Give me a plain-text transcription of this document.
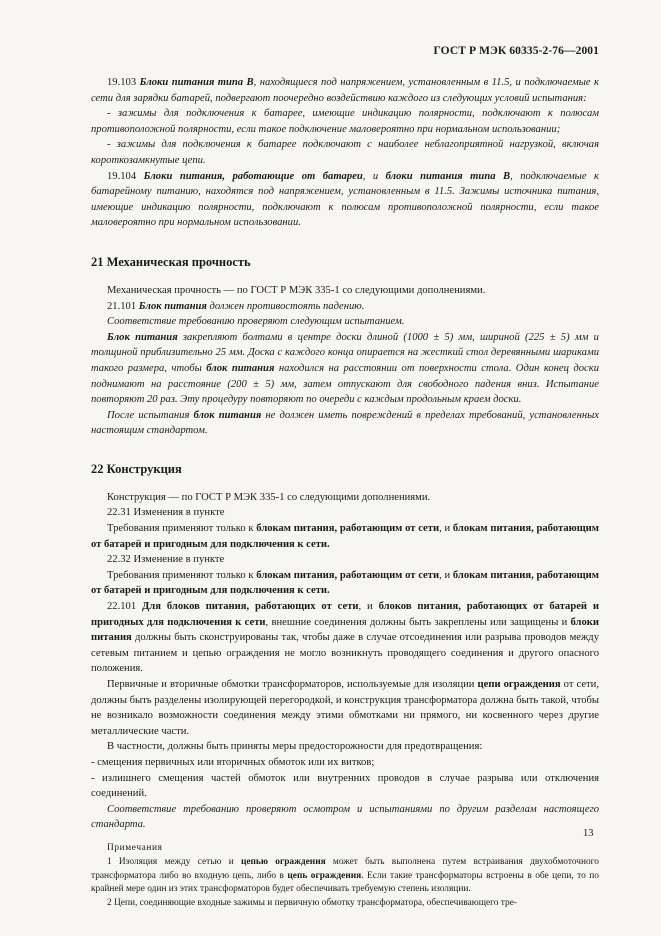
ГОСТ Р МЭК 60335-2-76—2001

19.103 Блоки питания типа В, находящиеся под напряжением, установленным в 11.5, и подключаемые к сети для зарядки батарей, подвергают поочередно воздействию каждого из следующих условий испытания:

- зажимы для подключения к батарее, имеющие индикацию полярности, подключают к полюсам противоположной полярности, если такое подключение маловероятно при нормальном использовании;

- зажимы для подключения к батарее подключают с наиболее неблагоприятной нагрузкой, включая короткозамкнутые цепи.

19.104 Блоки питания, работающие от батареи, и блоки питания типа В, подключаемые к батарейному питанию, находятся под напряжением, установленным в 11.5. Зажимы источника питания, имеющие индикацию полярности, подключают к полюсам противоположной полярности, если такое маловероятно при нормальном использовании.

21 Механическая прочность

Механическая прочность — по ГОСТ Р МЭК 335-1 со следующими дополнениями.

21.101 Блок питания должен противостоять падению.

Соответствие требованию проверяют следующим испытанием.

Блок питания закрепляют болтами в центре доски длиной (1000 ± 5) мм, шириной (225 ± 5) мм и толщиной приблизительно 25 мм. Доска с каждого конца опирается на жесткий стол деревянными шариками такого размера, чтобы блок питания находился на расстоянии от поверхности стола. Один конец доски поднимают на расстояние (200 ± 5) мм, затем отпускают для свободного падения вниз. Испытание повторяют 20 раз. Эту процедуру повторяют по очереди с каждым продольным краем доски.

После испытания блок питания не должен иметь повреждений в пределах требований, установленных настоящим стандартом.

22 Конструкция

Конструкция — по ГОСТ Р МЭК 335-1 со следующими дополнениями.

22.31 Изменения в пункте

Требования применяют только к блокам питания, работающим от сети, и блокам питания, работающим от батарей и пригодным для подключения к сети.

22.32 Изменение в пункте

Требования применяют только к блокам питания, работающим от сети, и блокам питания, работающим от батарей и пригодным для подключения к сети.

22.101 Для блоков питания, работающих от сети, и блоков питания, работающих от батарей и пригодных для подключения к сети, внешние соединения должны быть закреплены или защищены и блоки питания должны быть сконструированы так, чтобы даже в случае отсоединения или разрыва проводов между сетевым питанием и цепью ограждения не могло возникнуть проводящего соединения и другого опасного положения.

Первичные и вторичные обмотки трансформаторов, используемые для изоляции цепи ограждения от сети, должны быть разделены изолирующей перегородкой, и конструкция трансформатора должна быть такой, чтобы не возникало возможности соединения между этими обмотками ни прямого, ни косвенного через другие металлические части.

В частности, должны быть приняты меры предосторожности для предотвращения:

- смещения первичных или вторичных обмоток или их витков;

- излишнего смещения частей обмоток или внутренних проводов в случае разрыва или отключения соединений.

Соответствие требованию проверяют осмотром и испытаниями по другим разделам настоящего стандарта.

Примечания

1 Изоляция между сетью и цепью ограждения может быть выполнена путем встраивания двухобмоточного трансформатора либо во входную цепь, либо в цепь ограждения. Если такие трансформаторы встроены в обе цепи, то по крайней мере один из этих трансформаторов будет обеспечивать требуемую степень изоляции.

2 Цепи, соединяющие входные зажимы и первичную обмотку трансформатора, обеспечивающего тре-

13
